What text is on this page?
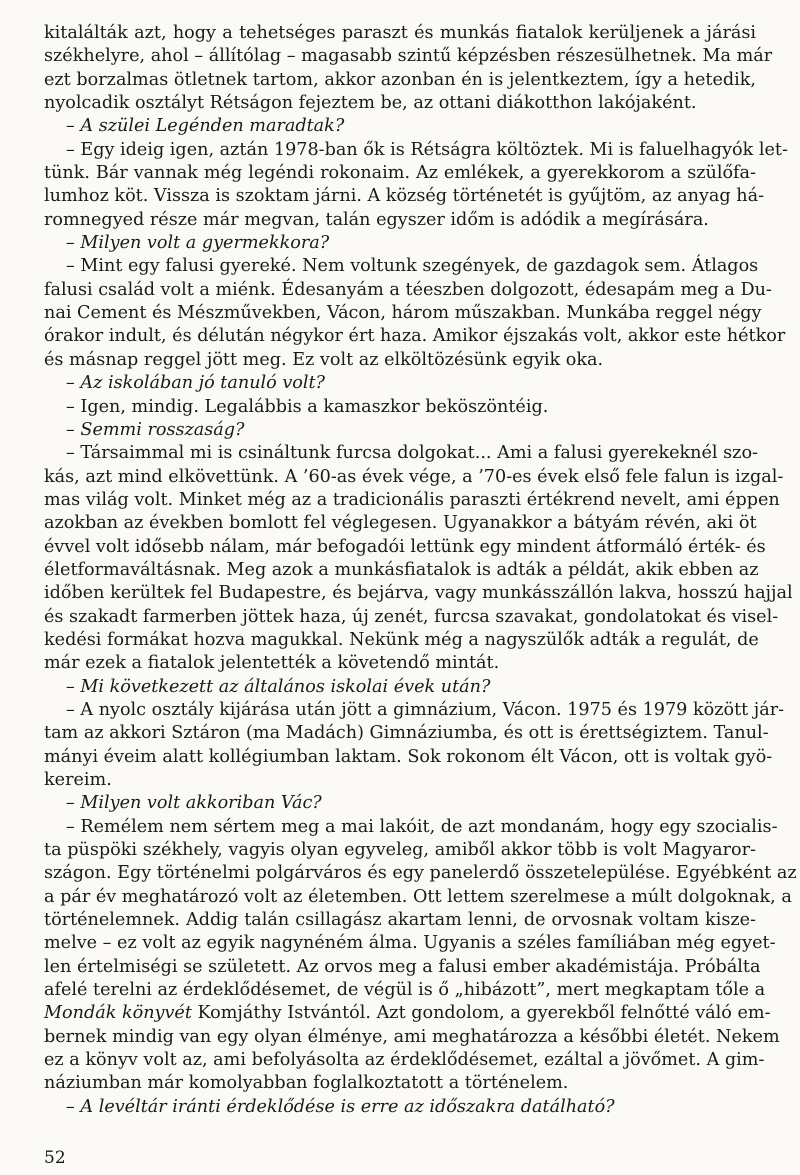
kitalálták azt, hogy a tehetséges paraszt és munkás fiatalok kerüljenek a járási
székhelyre, ahol – állítólag – magasabb szintű képzésben részesülhetnek. Ma már
ezt borzalmas ötletnek tartom, akkor azonban én is jelentkeztem, így a hetedik,
nyolcadik osztályt Rétságon fejeztem be, az ottani diákotthon lakójaként.
– A szülei Legénden maradtak?
– Egy ideig igen, aztán 1978-ban ők is Rétságra költöztek. Mi is faluelhagyók let-
tünk. Bár vannak még legéndi rokonaim. Az emlékek, a gyerekkorom a szülőfa-
lumhoz köt. Vissza is szoktam járni. A község történetét is gyűjtöm, az anyag há-
romnegyed része már megvan, talán egyszer időm is adódik a megírására.
– Milyen volt a gyermekkora?
– Mint egy falusi gyereké. Nem voltunk szegények, de gazdagok sem. Átlagos
falusi család volt a miénk. Édesanyám a téeszben dolgozott, édesapám meg a Du-
nai Cement és Mészművekben, Vácon, három műszakban. Munkába reggel négy
órakor indult, és délután négykor ért haza. Amikor éjszakás volt, akkor este hétkor
és másnap reggel jött meg. Ez volt az elköltözésünk egyik oka.
– Az iskolában jó tanuló volt?
– Igen, mindig. Legalábbis a kamaszkor beköszöntéig.
– Semmi rosszaság?
– Társaimmal mi is csináltunk furcsa dolgokat... Ami a falusi gyerekeknél szo-
kás, azt mind elkövettünk. A ’60-as évek vége, a ’70-es évek első fele falun is izgal-
mas világ volt. Minket még az a tradicionális paraszti értékrend nevelt, ami éppen
azokban az években bomlott fel véglegesen. Ugyanakkor a bátyám révén, aki öt
évvel volt idősebb nálam, már befogadói lettünk egy mindent átformáló érték- és
életformaváltásnak. Meg azok a munkásfiatalok is adták a példát, akik ebben az
időben kerültek fel Budapestre, és bejárva, vagy munkásszállón lakva, hosszú hajjal
és szakadt farmerben jöttek haza, új zenét, furcsa szavakat, gondolatokat és visel-
kedési formákat hozva magukkal. Nekünk még a nagyszülők adták a regulát, de
már ezek a fiatalok jelentették a követendő mintát.
– Mi következett az általános iskolai évek után?
– A nyolc osztály kijárása után jött a gimnázium, Vácon. 1975 és 1979 között jár-
tam az akkori Sztáron (ma Madách) Gimnáziumba, és ott is érettségiztem. Tanul-
mányi éveim alatt kollégiumban laktam. Sok rokonom élt Vácon, ott is voltak gyö-
kereim.
– Milyen volt akkoriban Vác?
– Remélem nem sértem meg a mai lakóit, de azt mondanám, hogy egy szocialis-
ta püspöki székhely, vagyis olyan egyveleg, amiből akkor több is volt Magyaror-
szágon. Egy történelmi polgárváros és egy panelerdő összetelepülése. Egyébként az
a pár év meghatározó volt az életemben. Ott lettem szerelmese a múlt dolgoknak, a
történelemnek. Addig talán csillagász akartam lenni, de orvosnak voltam kisze-
melve – ez volt az egyik nagynéném álma. Ugyanis a széles famíliában még egyet-
len értelmiségi se született. Az orvos meg a falusi ember akadémistája. Próbálta
afelé terelni az érdeklődésemet, de végül is ő „hibázott”, mert megkaptam tőle a
Mondák könyvét Komjáthy Istvántól. Azt gondolom, a gyerekből felnőtté váló em-
bernek mindig van egy olyan élménye, ami meghatározza a későbbi életét. Nekem
ez a könyv volt az, ami befolyásolta az érdeklődésemet, ezáltal a jövőmet. A gim-
náziumban már komolyabban foglalkoztatott a történelem.
– A levéltár iránti érdeklődése is erre az időszakra datálható?
52
